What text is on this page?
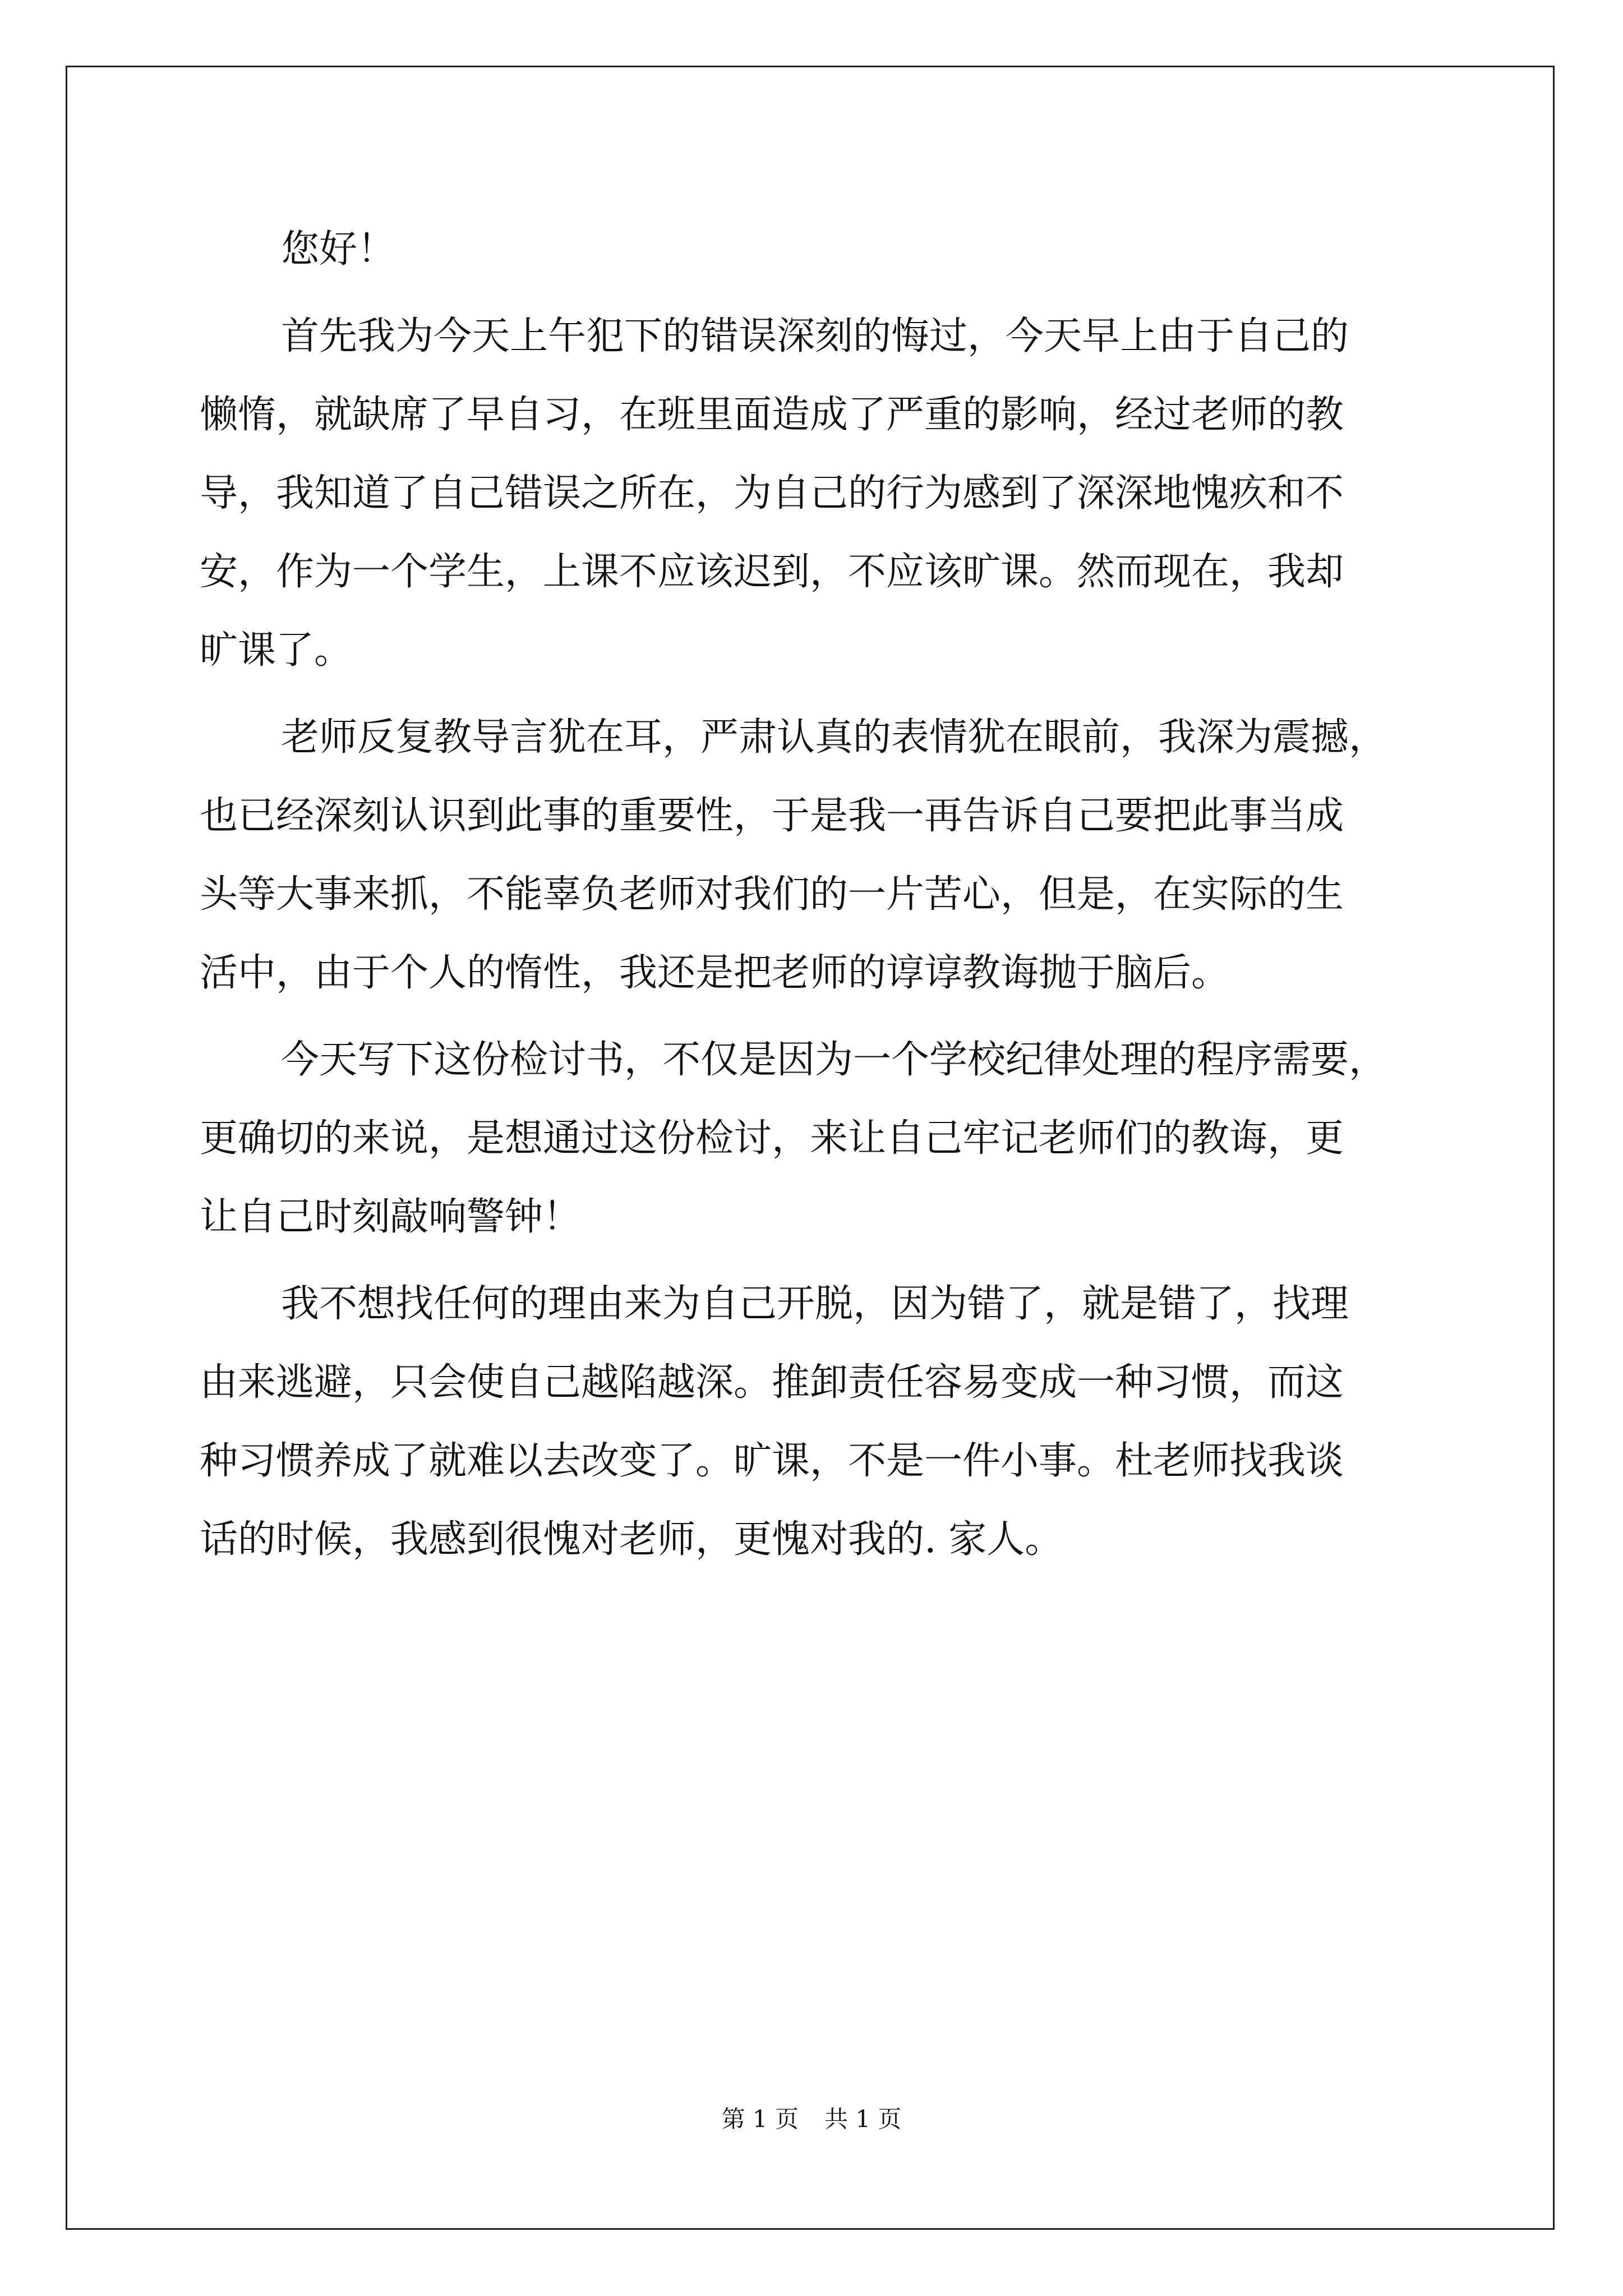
您好！
首先我为今天上午犯下的错误深刻的悔过，今天早上由于自己的
懒惰，就缺席了早自习，在班里面造成了严重的影响，经过老师的教
导，我知道了自己错误之所在，为自己的行为感到了深深地愧疚和不
安，作为一个学生，上课不应该迟到，不应该旷课。然而现在，我却
旷课了。
老师反复教导言犹在耳，严肃认真的表情犹在眼前，我深为震撼，
也已经深刻认识到此事的重要性，于是我一再告诉自己要把此事当成
头等大事来抓，不能辜负老师对我们的一片苦心，但是，在实际的生
活中，由于个人的惰性，我还是把老师的谆谆教诲抛于脑后。
今天写下这份检讨书，不仅是因为一个学校纪律处理的程序需要，
更确切的来说，是想通过这份检讨，来让自己牢记老师们的教诲，更
让自己时刻敲响警钟！
我不想找任何的理由来为自己开脱，因为错了，就是错了，找理
由来逃避，只会使自己越陷越深。推卸责任容易变成一种习惯，而这
种习惯养成了就难以去改变了。旷课，不是一件小事。杜老师找我谈
话的时候，我感到很愧对老师，更愧对我的. 家人。
第 1 页 共 1 页
